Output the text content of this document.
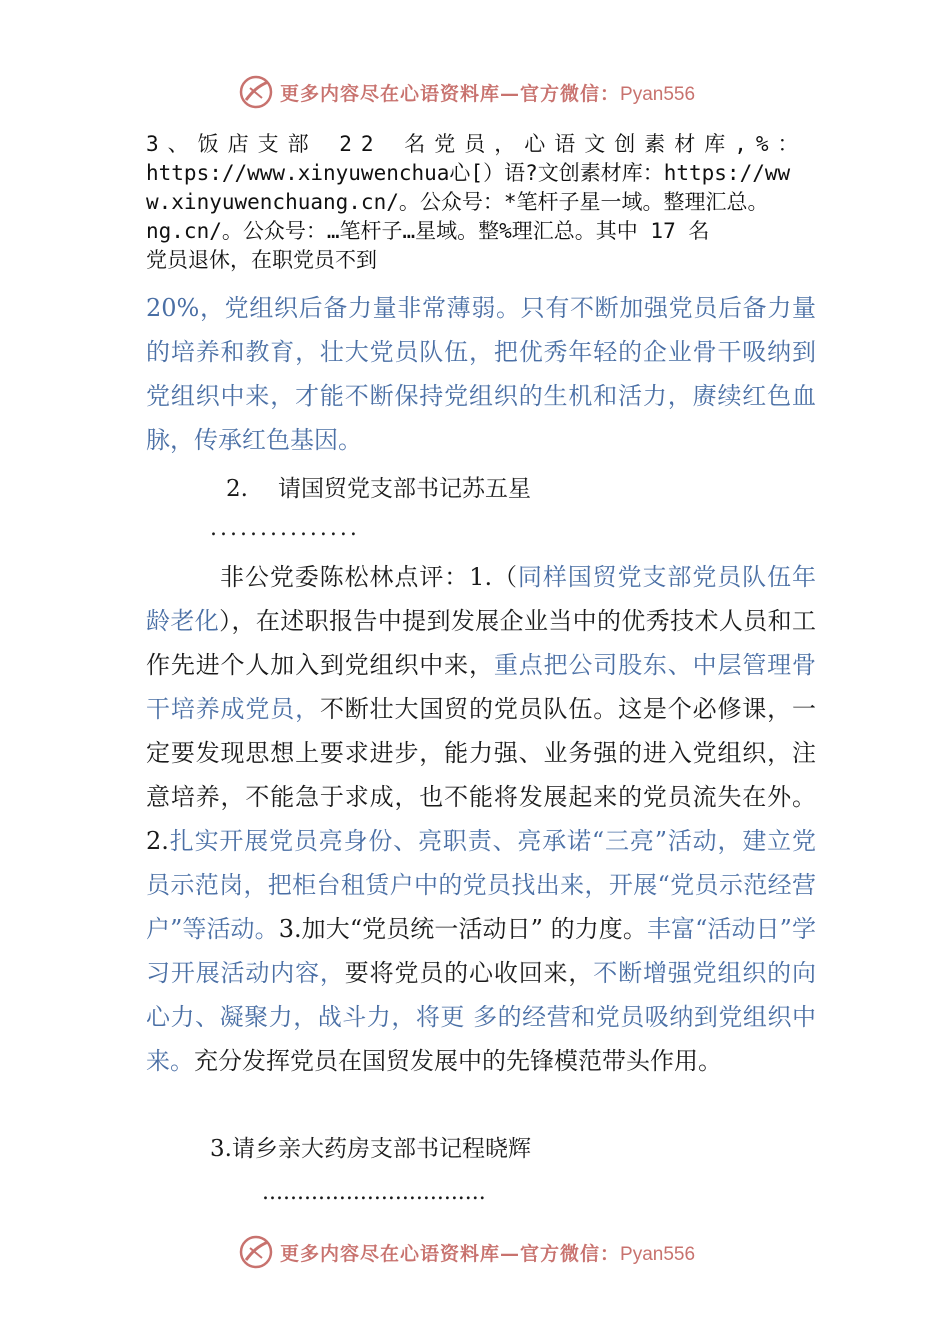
更多内容尽在心语资料库—官方微信：Pyan556
3、饭店支部 22 名党员，心语文创素材库,%：
https://www.xinyuwenchua心[）语?文创素材库：https://ww
w.xinyuwenchuang.cn/。公众号：*笔杆子星一域。整理汇总。
ng.cn/。公众号：…笔杆子…星域。整%理汇总。其中 17 名
党员退休，在职党员不到

20%，党组织后备力量非常薄弱。只有不断加强党员后备力量的培养和教育，壮大党员队伍，把优秀年轻的企业骨干吸纳到党组织中来，才能不断保持党组织的生机和活力，赓续红色血脉，传承红色基因。

2. 请国贸党支部书记苏五星
...............

非公党委陈松林点评：1.（同样国贸党支部党员队伍年龄老化），在述职报告中提到发展企业当中的优秀技术人员和工作先进个人加入到党组织中来，重点把公司股东、中层管理骨干培养成党员，不断壮大国贸的党员队伍。这是个必修课，一定要发现思想上要求进步，能力强、业务强的进入党组织，注意培养，不能急于求成，也不能将发展起来的党员流失在外。2.扎实开展党员亮身份、亮职责、亮承诺“三亮”活动，建立党员示范岗，把柜台租赁户中的党员找出来，开展“党员示范经营户”等活动。3.加大“党员统一活动日” 的力度。丰富“活动日”学习开展活动内容，要将党员的心收回来，不断增强党组织的向心力、凝聚力，战斗力，将更 多的经营和党员吸纳到党组织中来。充分发挥党员在国贸发展中的先锋模范带头作用。

3.请乡亲大药房支部书记程晓辉
................................
更多内容尽在心语资料库—官方微信：Pyan556
